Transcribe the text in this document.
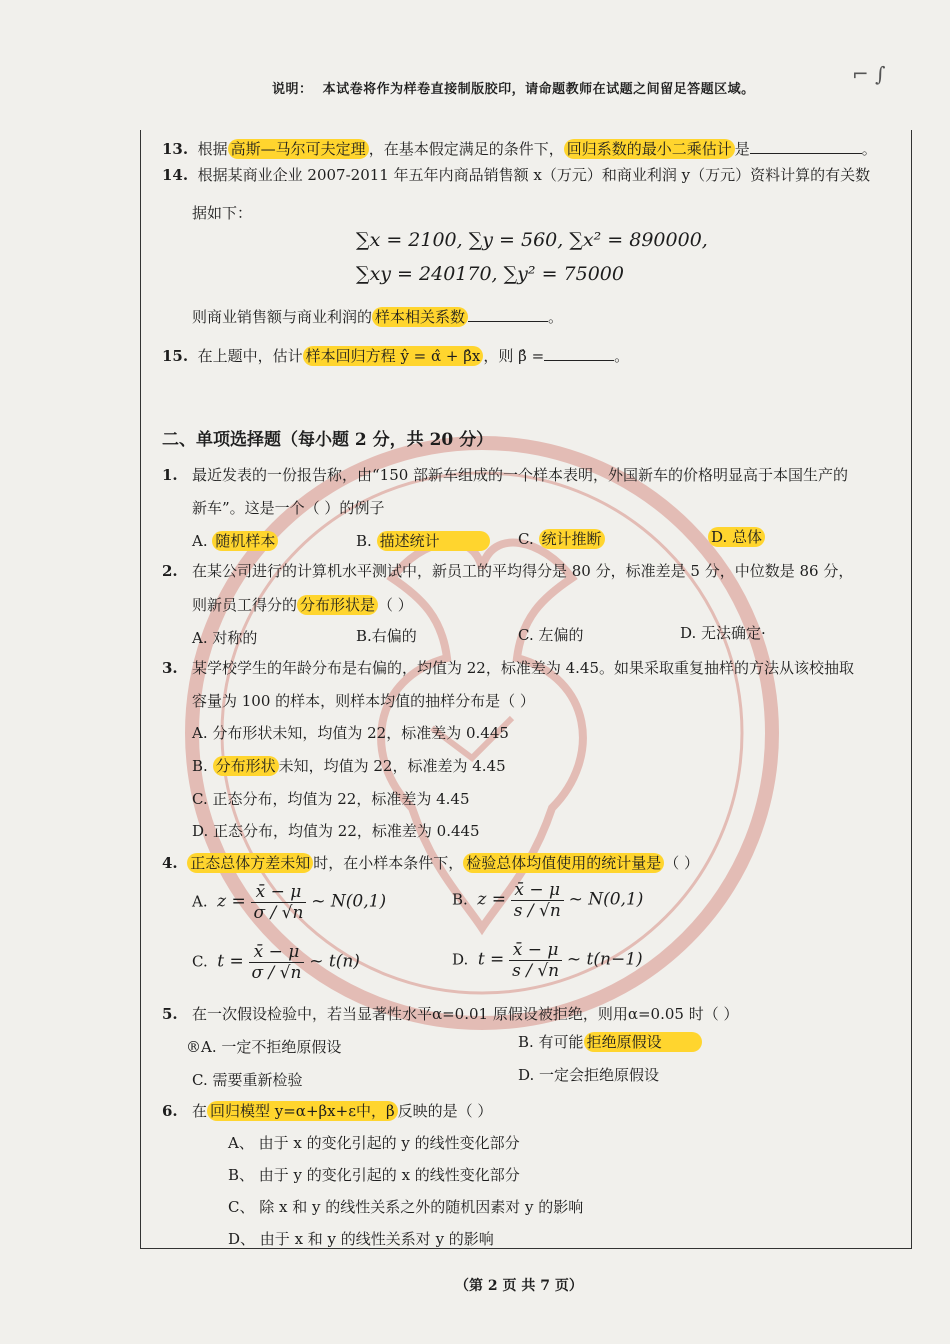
⌐ ∫
说明： 本试卷将作为样卷直接制版胶印，请命题教师在试题之间留足答题区域。
13. 根据 高斯—马尔可夫定理 ，在基本假定满足的条件下， 回归系数的最小二乘估计 是	。
14. 根据某商业企业 2007-2011 年五年内商品销售额 x（万元）和商业利润 y（万元）资料计算的有关数
据如下：
∑x = 2100, ∑y = 560, ∑x² = 890000,
∑xy = 240170, ∑y² = 75000
则商业销售额与商业利润的 样本相关系数	。
15. 在上题中，估计 样本回归方程 ŷ = α̂ + β̂x ，则 β̂ =	。
二、单项选择题（每小题 2 分，共 20 分）
1. 最近发表的一份报告称，由“150 部新车组成的一个样本表明，外国新车的价格明显高于本国生产的
新车”。这是一个（ ）的例子
A. 随机样本	B. 描述统计	C. 统计推断	D. 总体
2. 在某公司进行的计算机水平测试中，新员工的平均得分是 80 分，标准差是 5 分，中位数是 86 分，
则新员工得分的 分布形状是 （ ）
A. 对称的	B.右偏的	C. 左偏的	D. 无法确定·
3. 某学校学生的年龄分布是右偏的，均值为 22，标准差为 4.45。如果采取重复抽样的方法从该校抽取
容量为 100 的样本，则样本均值的抽样分布是（ ）
A. 分布形状未知，均值为 22，标准差为 0.445
B. 分布形状 未知，均值为 22，标准差为 4.45
C. 正态分布，均值为 22，标准差为 4.45
D. 正态分布，均值为 22，标准差为 0.445
4. 正态总体方差未知 时，在小样本条件下， 检验总体均值使用的统计量是 （ ）
A. $z = \frac{x̄ - \mu}{\sigma / √n}$ ~ N(0,1)	B. $z = \frac{x̄ - \mu}{s / √n}$ ~ N(0,1)
C. $t = \frac{x̄ - \mu}{\sigma / √n}$ ~ t(n)	D. $t = \frac{x̄ - \mu}{s / √n}$ ~ t(n−1)
5. 在一次假设检验中，若当显著性水平α=0.01 原假设被拒绝，则用α=0.05 时（ ）
®A. 一定不拒绝原假设	B. 有可能 拒绝原假设
C. 需要重新检验	D. 一定会拒绝原假设
6. 在 回归模型 y=α+βx+ε中，β 反映的是（ ）
A、 由于 x 的变化引起的 y 的线性变化部分
B、 由于 y 的变化引起的 x 的线性变化部分
C、 除 x 和 y 的线性关系之外的随机因素对 y 的影响
D、 由于 x 和 y 的线性关系对 y 的影响
（第 2 页 共 7 页）
